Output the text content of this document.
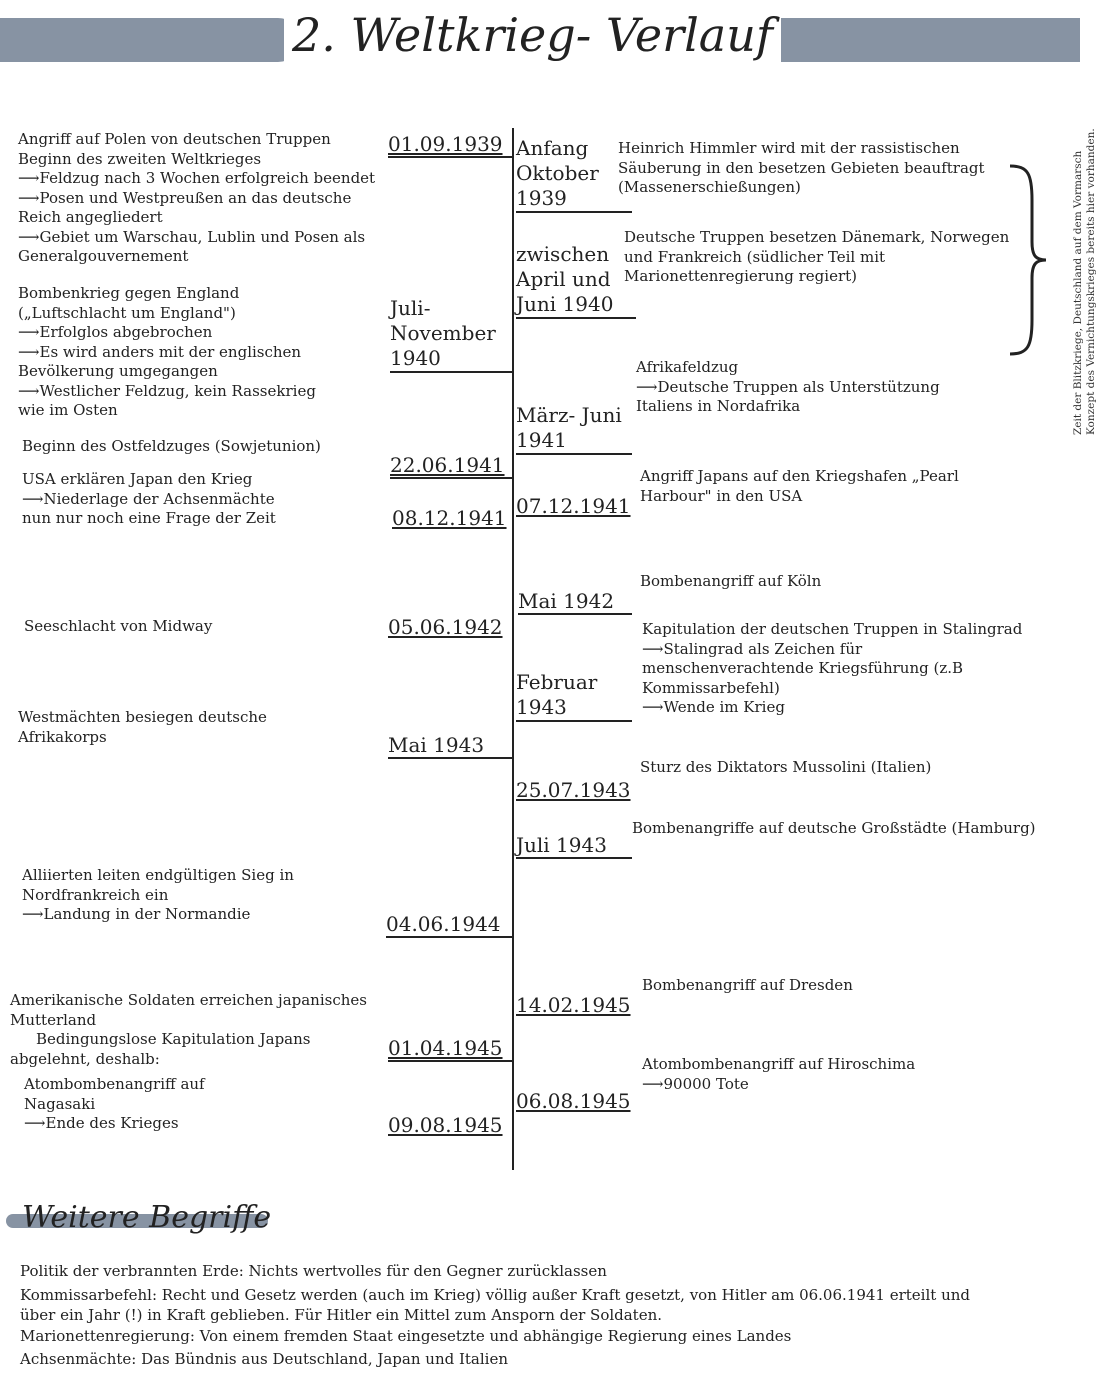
2. Weltkrieg- Verlauf
Angriff auf Polen von deutschen Truppen
Beginn des zweiten Weltkrieges
⟶Feldzug nach 3 Wochen erfolgreich beendet
⟶Posen und Westpreußen an das deutsche
Reich angegliedert
⟶Gebiet um Warschau, Lublin und Posen als
Generalgouvernement
Bombenkrieg gegen England
(„Luftschlacht um England")
⟶Erfolglos abgebrochen
⟶Es wird anders mit der englischen
Bevölkerung umgegangen
⟶Westlicher Feldzug, kein Rassekrieg
wie im Osten
Beginn des Ostfeldzuges (Sowjetunion)
USA erklären Japan den Krieg
⟶Niederlage der Achsenmächte
nun nur noch eine Frage der Zeit
Seeschlacht von Midway
Westmächten besiegen deutsche
Afrikakorps
Alliierten leiten endgültigen Sieg in
Nordfrankreich ein
⟶Landung in der Normandie
Amerikanische Soldaten erreichen japanisches
Mutterland
Bedingungslose Kapitulation Japans
abgelehnt, deshalb:
Atombombenangriff auf
Nagasaki
⟶Ende des Krieges
01.09.1939
Juli-
November
1940
22.06.1941
08.12.1941
05.06.1942
Mai 1943
04.06.1944
01.04.1945
09.08.1945
Anfang
Oktober
1939
zwischen
April und
Juni 1940
März- Juni
1941
07.12.1941
Mai 1942
Februar
1943
25.07.1943
Juli 1943
14.02.1945
06.08.1945
Heinrich Himmler wird mit der rassistischen
Säuberung in den besetzen Gebieten beauftragt
(Massenerschießungen)
Deutsche Truppen besetzen Dänemark, Norwegen
und Frankreich (südlicher Teil mit
Marionettenregierung regiert)
Afrikafeldzug
⟶Deutsche Truppen als Unterstützung
Italiens in Nordafrika
Angriff Japans auf den Kriegshafen „Pearl
Harbour" in den USA
Bombenangriff auf Köln
Kapitulation der deutschen Truppen in Stalingrad
⟶Stalingrad als Zeichen für
menschenverachtende Kriegsführung (z.B
Kommissarbefehl)
⟶Wende im Krieg
Sturz des Diktators Mussolini (Italien)
Bombenangriffe auf deutsche Großstädte (Hamburg)
Bombenangriff auf Dresden
Atombombenangriff auf Hiroschima
⟶90000 Tote
Zeit der Blitzkriege, Deutschland auf dem Vormarsch Konzept des Vernichtungskrieges bereits hier vorhanden.
Weitere Begriffe
Politik der verbrannten Erde: Nichts wertvolles für den Gegner zurücklassen
Kommissarbefehl: Recht und Gesetz werden (auch im Krieg) völlig außer Kraft gesetzt, von Hitler am 06.06.1941 erteilt und
über ein Jahr (!) in Kraft geblieben. Für Hitler ein Mittel zum Ansporn der Soldaten.
Marionettenregierung: Von einem fremden Staat eingesetzte und abhängige Regierung eines Landes
Achsenmächte: Das Bündnis aus Deutschland, Japan und Italien
